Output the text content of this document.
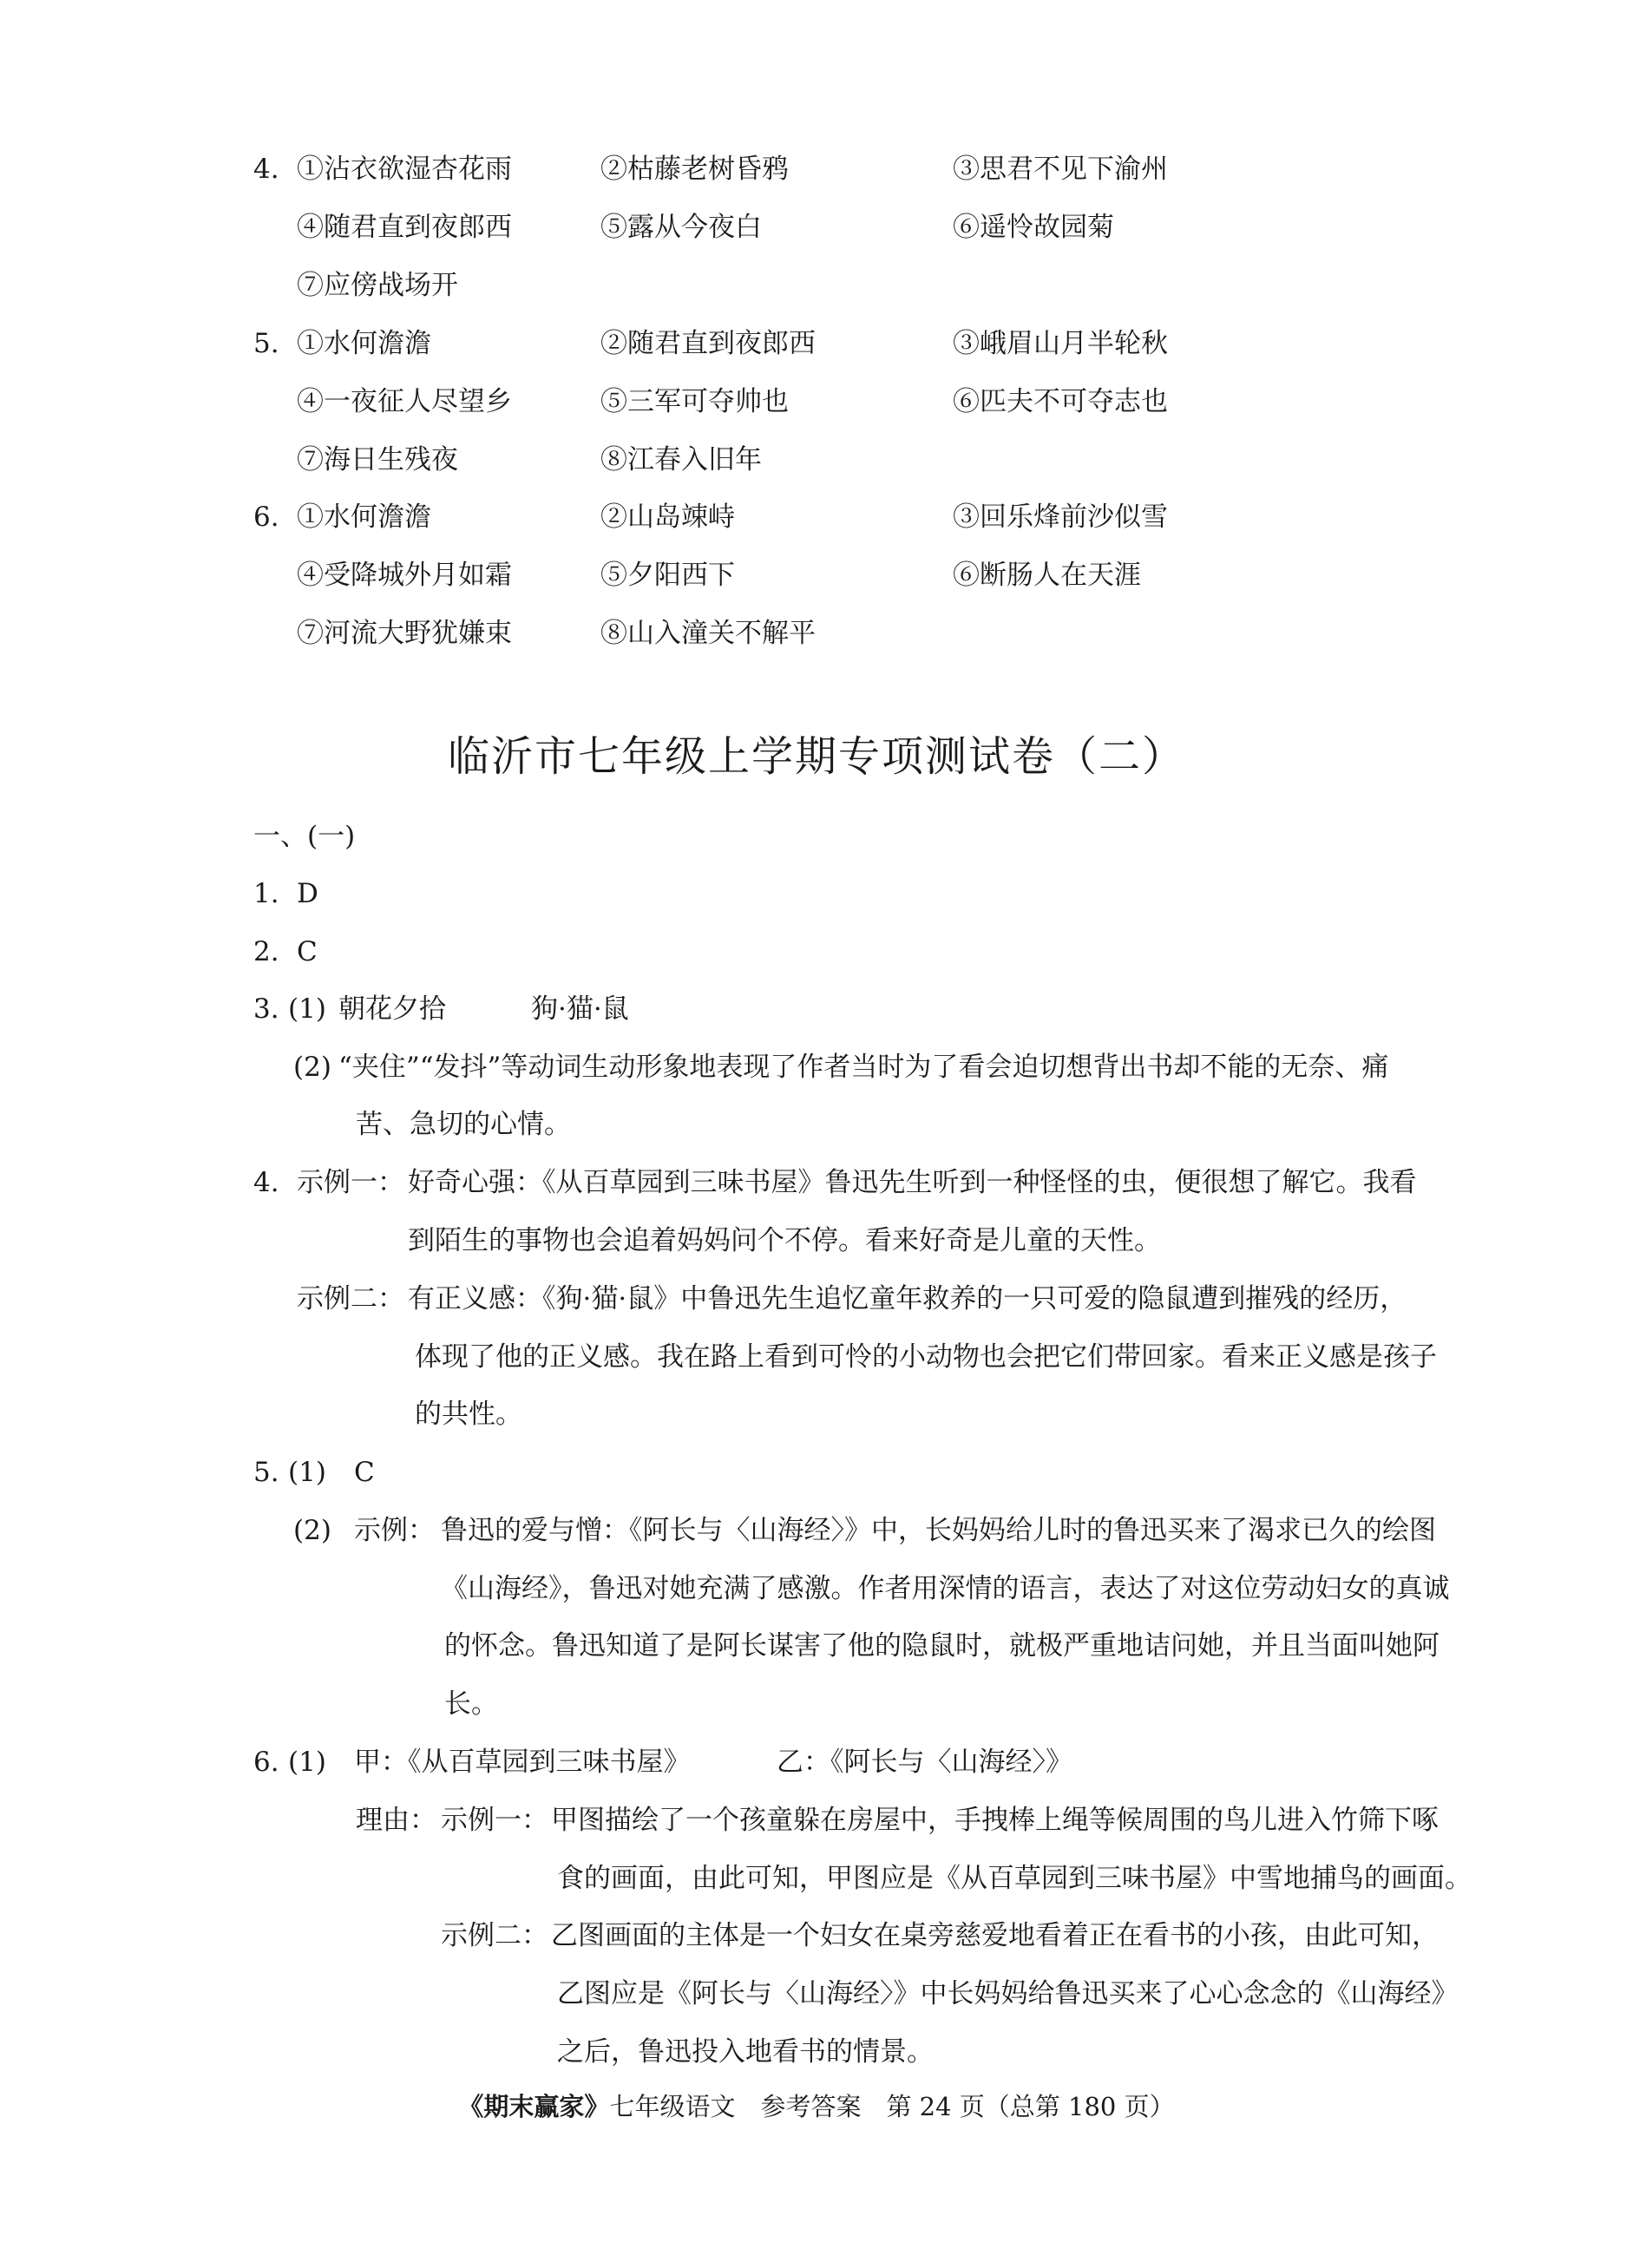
4. ①沾衣欲湿杏花雨	②枯藤老树昏鸦	③思君不见下渝州
④随君直到夜郎西	⑤露从今夜白	⑥遥怜故园菊
⑦应傍战场开
5. ①水何澹澹	②随君直到夜郎西	③峨眉山月半轮秋
④一夜征人尽望乡	⑤三军可夺帅也	⑥匹夫不可夺志也
⑦海日生残夜	⑧江春入旧年
6. ①水何澹澹	②山岛竦峙	③回乐烽前沙似雪
④受降城外月如霜	⑤夕阳西下	⑥断肠人在天涯
⑦河流大野犹嫌束	⑧山入潼关不解平
临沂市七年级上学期专项测试卷（二）
一、(一)
1. D
2. C
3. (1) 朝花夕拾	狗·猫·鼠
(2) “夹住”“发抖”等动词生动形象地表现了作者当时为了看会迫切想背出书却不能的无奈、痛
苦、急切的心情。
4. 示例一： 好奇心强：《从百草园到三味书屋》鲁迅先生听到一种怪怪的虫，便很想了解它。我看
到陌生的事物也会追着妈妈问个不停。看来好奇是儿童的天性。
示例二： 有正义感：《狗·猫·鼠》中鲁迅先生追忆童年救养的一只可爱的隐鼠遭到摧残的经历，
体现了他的正义感。我在路上看到可怜的小动物也会把它们带回家。看来正义感是孩子
的共性。
5. (1) C
(2) 示例： 鲁迅的爱与憎：《阿长与〈山海经〉》中，长妈妈给儿时的鲁迅买来了渴求已久的绘图
《山海经》，鲁迅对她充满了感激。作者用深情的语言，表达了对这位劳动妇女的真诚
的怀念。鲁迅知道了是阿长谋害了他的隐鼠时，就极严重地诘问她，并且当面叫她阿
长。
6. (1) 甲：《从百草园到三味书屋》	乙：《阿长与〈山海经〉》
理由： 示例一： 甲图描绘了一个孩童躲在房屋中，手拽棒上绳等候周围的鸟儿进入竹筛下啄
食的画面，由此可知，甲图应是《从百草园到三味书屋》中雪地捕鸟的画面。
示例二： 乙图画面的主体是一个妇女在桌旁慈爱地看着正在看书的小孩，由此可知，
乙图应是《阿长与〈山海经〉》中长妈妈给鲁迅买来了心心念念的《山海经》
之后，鲁迅投入地看书的情景。
《期末赢家》七年级语文　参考答案　第 24 页（总第 180 页）
